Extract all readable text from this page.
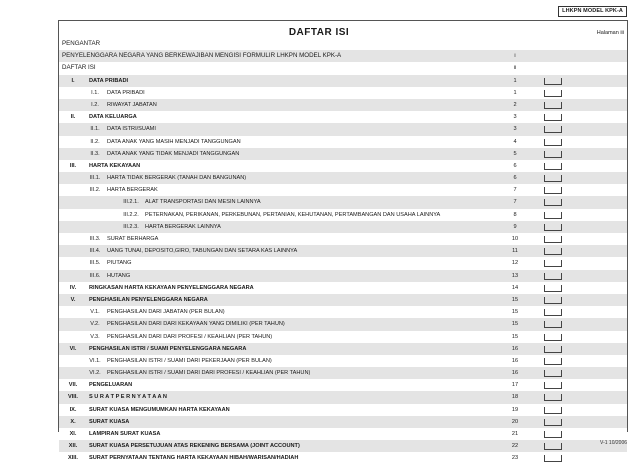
LHKPN MODEL KPK-A
DAFTAR ISI	Halaman iii
PENGANTAR
PENYELENGGARA NEGARA YANG BERKEWAJIBAN MENGISI FORMULIR LHKPN MODEL KPK-A	i
DAFTAR ISI	ii
I.	DATA PRIBADI	1
I.1.	DATA PRIBADI	1
I.2.	RIWAYAT JABATAN	2
II.	DATA KELUARGA	3
II.1.	DATA ISTRI/SUAMI	3
II.2.	DATA ANAK YANG MASIH MENJADI TANGGUNGAN	4
II.3.	DATA ANAK YANG TIDAK MENJADI TANGGUNGAN	5
III.	HARTA KEKAYAAN	6
III.1. HARTA TIDAK BERGERAK (TANAH DAN BANGUNAN)	6
III.2. HARTA BERGERAK	7
III.2.1.	ALAT TRANSPORTASI DAN MESIN LAINNYA	7
III.2.2.	PETERNAKAN, PERIKANAN, PERKEBUNAN, PERTANIAN, KEHUTANAN, PERTAMBANGAN DAN USAHA LAINNYA	8
III.2.3.	HARTA BERGERAK LAINNYA	9
III.3. SURAT BERHARGA	10
III.4. UANG TUNAI, DEPOSITO,GIRO, TABUNGAN DAN SETARA KAS LAINNYA	11
III.5. PIUTANG	12
III.6. HUTANG	13
IV.	RINGKASAN HARTA KEKAYAAN PENYELENGGARA NEGARA	14
V.	PENGHASILAN PENYELENGGARA NEGARA	15
V.1.	PENGHASILAN DARI JABATAN (PER BULAN)	15
V.2.	PENGHASILAN DARI DARI KEKAYAAN YANG DIMILIKI (PER TAHUN)	15
V.3.	PENGHASILAN DARI DARI PROFESI / KEAHLIAN (PER TAHUN)	15
VI.	PENGHASILAN ISTRI / SUAMI PENYELENGGARA NEGARA	16
VI.1. PENGHASILAN ISTRI / SUAMI DARI PEKERJAAN (PER BULAN)	16
VI.2. PENGHASILAN ISTRI / SUAMI DARI DARI PROFESI / KEAHLIAN (PER TAHUN)	16
VII.	PENGELUARAN	17
VIII.	S U R A T P E R N Y A T A A N	18
IX.	SURAT KUASA MENGUMUMKAN HARTA KEKAYAAN	19
X.	SURAT KUASA	20
XI.	LAMPIRAN SURAT KUASA	21
XII.	SURAT KUASA PERSETUJUAN ATAS REKENING BERSAMA (JOINT ACCOUNT)	22
XIII.	SURAT PERNYATAAN TENTANG HARTA KEKAYAAN HIBAH/WARISAN/HADIAH	23
V-1 10/2006
